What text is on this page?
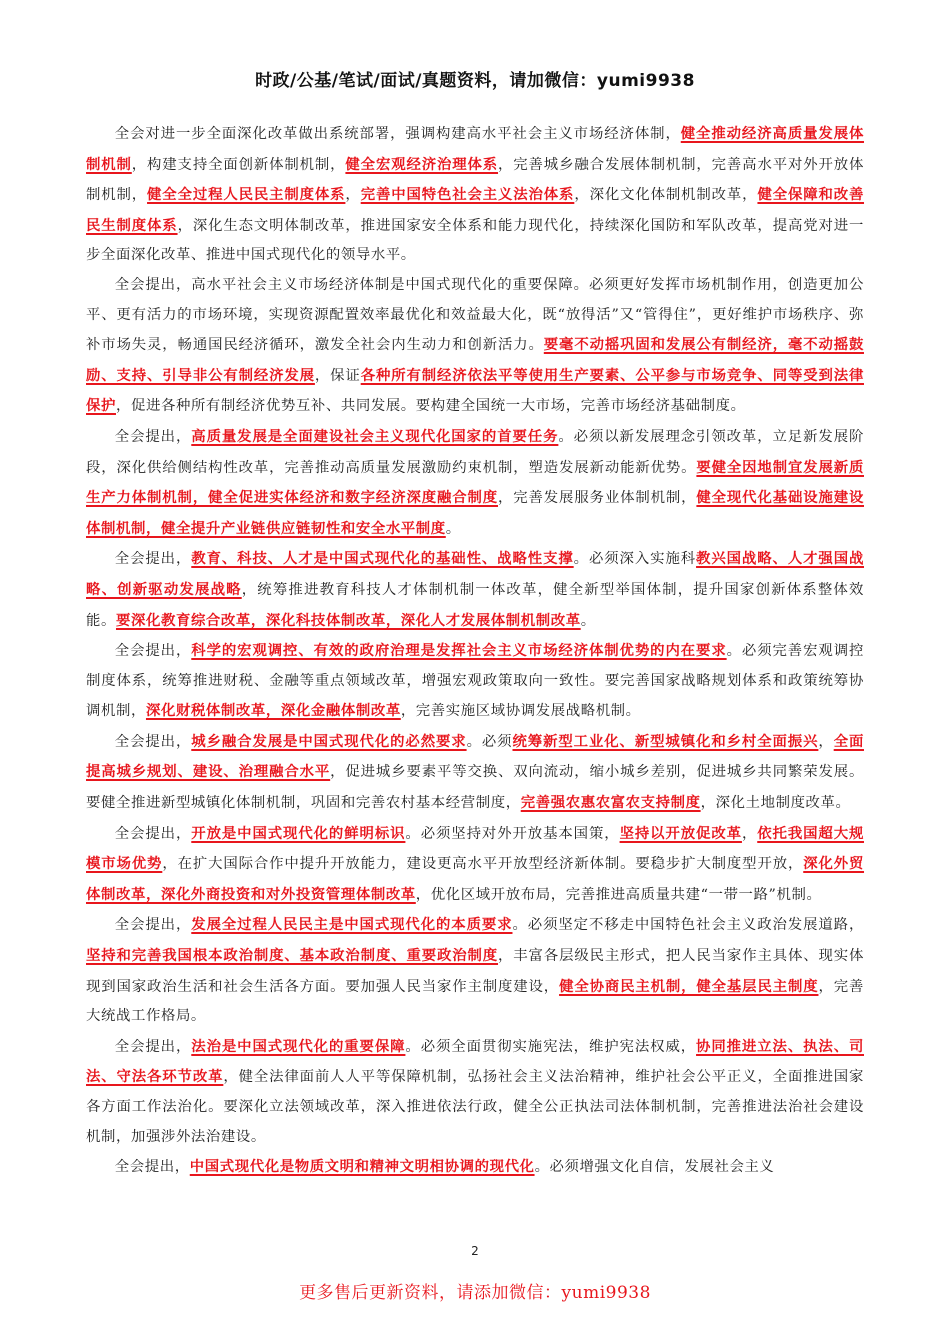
时政/公基/笔试/面试/真题资料，请加微信：yumi9938

全会对进一步全面深化改革做出系统部署，强调构建高水平社会主义市场经济体制，健全推动经济高质量发展体制机制，构建支持全面创新体制机制，健全宏观经济治理体系，完善城乡融合发展体制机制，完善高水平对外开放体制机制，健全全过程人民民主制度体系，完善中国特色社会主义法治体系，深化文化体制机制改革，健全保障和改善民生制度体系，深化生态文明体制改革，推进国家安全体系和能力现代化，持续深化国防和军队改革，提高党对进一步全面深化改革、推进中国式现代化的领导水平。

全会提出，高水平社会主义市场经济体制是中国式现代化的重要保障。必须更好发挥市场机制作用，创造更加公平、更有活力的市场环境，实现资源配置效率最优化和效益最大化，既“放得活”又“管得住”，更好维护市场秩序、弥补市场失灵，畅通国民经济循环，激发全社会内生动力和创新活力。要毫不动摇巩固和发展公有制经济，毫不动摇鼓励、支持、引导非公有制经济发展，保证各种所有制经济依法平等使用生产要素、公平参与市场竞争、同等受到法律保护，促进各种所有制经济优势互补、共同发展。要构建全国统一大市场，完善市场经济基础制度。

全会提出，高质量发展是全面建设社会主义现代化国家的首要任务。必须以新发展理念引领改革，立足新发展阶段，深化供给侧结构性改革，完善推动高质量发展激励约束机制，塑造发展新动能新优势。要健全因地制宜发展新质生产力体制机制，健全促进实体经济和数字经济深度融合制度，完善发展服务业体制机制，健全现代化基础设施建设体制机制，健全提升产业链供应链韧性和安全水平制度。

全会提出，教育、科技、人才是中国式现代化的基础性、战略性支撑。必须深入实施科教兴国战略、人才强国战略、创新驱动发展战略，统筹推进教育科技人才体制机制一体改革，健全新型举国体制，提升国家创新体系整体效能。要深化教育综合改革，深化科技体制改革，深化人才发展体制机制改革。

全会提出，科学的宏观调控、有效的政府治理是发挥社会主义市场经济体制优势的内在要求。必须完善宏观调控制度体系，统筹推进财税、金融等重点领域改革，增强宏观政策取向一致性。要完善国家战略规划体系和政策统筹协调机制，深化财税体制改革，深化金融体制改革，完善实施区域协调发展战略机制。

全会提出，城乡融合发展是中国式现代化的必然要求。必须统筹新型工业化、新型城镇化和乡村全面振兴，全面提高城乡规划、建设、治理融合水平，促进城乡要素平等交换、双向流动，缩小城乡差别，促进城乡共同繁荣发展。要健全推进新型城镇化体制机制，巩固和完善农村基本经营制度，完善强农惠农富农支持制度，深化土地制度改革。

全会提出，开放是中国式现代化的鲜明标识。必须坚持对外开放基本国策，坚持以开放促改革，依托我国超大规模市场优势，在扩大国际合作中提升开放能力，建设更高水平开放型经济新体制。要稳步扩大制度型开放，深化外贸体制改革，深化外商投资和对外投资管理体制改革，优化区域开放布局，完善推进高质量共建“一带一路”机制。

全会提出，发展全过程人民民主是中国式现代化的本质要求。必须坚定不移走中国特色社会主义政治发展道路，坚持和完善我国根本政治制度、基本政治制度、重要政治制度，丰富各层级民主形式，把人民当家作主具体、现实体现到国家政治生活和社会生活各方面。要加强人民当家作主制度建设，健全协商民主机制，健全基层民主制度，完善大统战工作格局。

全会提出，法治是中国式现代化的重要保障。必须全面贯彻实施宪法，维护宪法权威，协同推进立法、执法、司法、守法各环节改革，健全法律面前人人平等保障机制，弘扬社会主义法治精神，维护社会公平正义，全面推进国家各方面工作法治化。要深化立法领域改革，深入推进依法行政，健全公正执法司法体制机制，完善推进法治社会建设机制，加强涉外法治建设。

全会提出，中国式现代化是物质文明和精神文明相协调的现代化。必须增强文化自信，发展社会主义

2
更多售后更新资料，请添加微信：yumi9938
